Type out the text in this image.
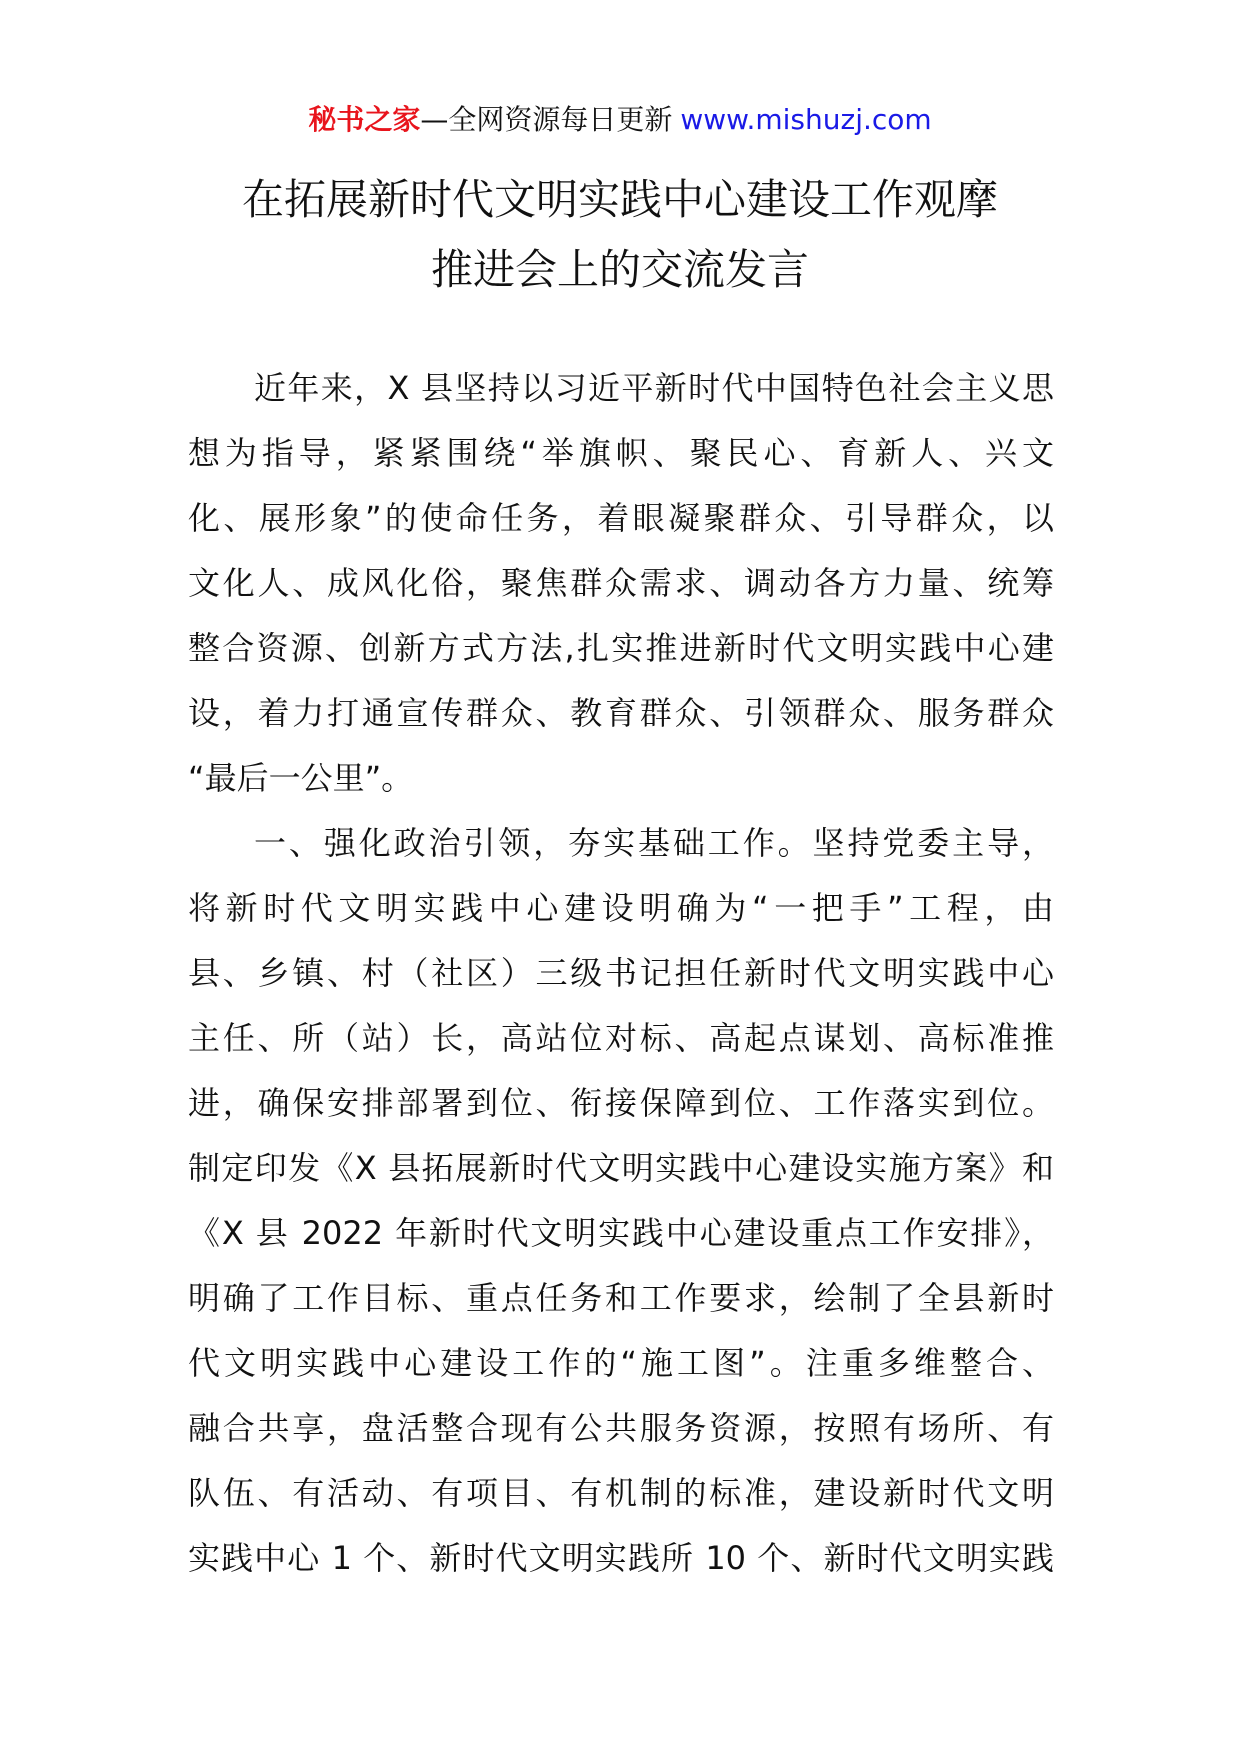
秘书之家—全网资源每日更新 www.mishuzj.com
在拓展新时代文明实践中心建设工作观摩
推进会上的交流发言
近年来，X 县坚持以习近平新时代中国特色社会主义思
想为指导，紧紧围绕“举旗帜、聚民心、育新人、兴文
化、展形象”的使命任务，着眼凝聚群众、引导群众，以
文化人、成风化俗，聚焦群众需求、调动各方力量、统筹
整合资源、创新方式方法,扎实推进新时代文明实践中心建
设，着力打通宣传群众、教育群众、引领群众、服务群众
“最后一公里”。
一、强化政治引领，夯实基础工作。坚持党委主导，
将新时代文明实践中心建设明确为“一把手”工程，由
县、乡镇、村（社区）三级书记担任新时代文明实践中心
主任、所（站）长，高站位对标、高起点谋划、高标准推
进，确保安排部署到位、衔接保障到位、工作落实到位。
制定印发《X 县拓展新时代文明实践中心建设实施方案》和
《X 县 2022 年新时代文明实践中心建设重点工作安排》，
明确了工作目标、重点任务和工作要求，绘制了全县新时
代文明实践中心建设工作的“施工图”。注重多维整合、
融合共享，盘活整合现有公共服务资源，按照有场所、有
队伍、有活动、有项目、有机制的标准，建设新时代文明
实践中心 1 个、新时代文明实践所 10 个、新时代文明实践
